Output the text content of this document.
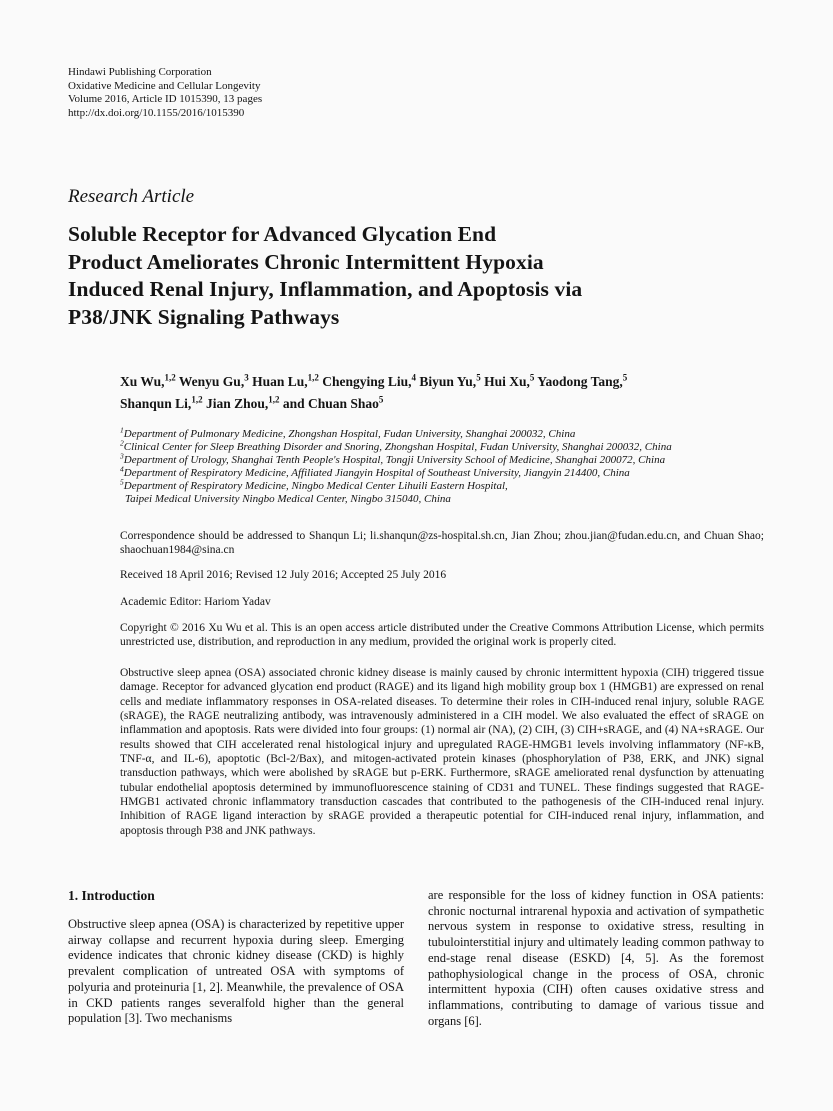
Hindawi Publishing Corporation
Oxidative Medicine and Cellular Longevity
Volume 2016, Article ID 1015390, 13 pages
http://dx.doi.org/10.1155/2016/1015390
Research Article
Soluble Receptor for Advanced Glycation End
Product Ameliorates Chronic Intermittent Hypoxia
Induced Renal Injury, Inflammation, and Apoptosis via
P38/JNK Signaling Pathways
Xu Wu,$^{1,2}$ Wenyu Gu,$^3$ Huan Lu,$^{1,2}$ Chengying Liu,$^4$ Biyun Yu,$^5$ Hui Xu,$^5$ Yaodong Tang,$^5$ Shanqun Li,$^{1,2}$ Jian Zhou,$^{1,2}$ and Chuan Shao$^5$
$^1$Department of Pulmonary Medicine, Zhongshan Hospital, Fudan University, Shanghai 200032, China
$^2$Clinical Center for Sleep Breathing Disorder and Snoring, Zhongshan Hospital, Fudan University, Shanghai 200032, China
$^3$Department of Urology, Shanghai Tenth People's Hospital, Tongji University School of Medicine, Shanghai 200072, China
$^4$Department of Respiratory Medicine, Affiliated Jiangyin Hospital of Southeast University, Jiangyin 214400, China
$^5$Department of Respiratory Medicine, Ningbo Medical Center Lihuili Eastern Hospital,
Taipei Medical University Ningbo Medical Center, Ningbo 315040, China

Correspondence should be addressed to Shanqun Li; li.shanqun@zs-hospital.sh.cn, Jian Zhou; zhou.jian@fudan.edu.cn, and Chuan Shao; shaochuan1984@sina.cn

Received 18 April 2016; Revised 12 July 2016; Accepted 25 July 2016

Academic Editor: Hariom Yadav

Copyright © 2016 Xu Wu et al. This is an open access article distributed under the Creative Commons Attribution License, which permits unrestricted use, distribution, and reproduction in any medium, provided the original work is properly cited.

Obstructive sleep apnea (OSA) associated chronic kidney disease is mainly caused by chronic intermittent hypoxia (CIH) triggered tissue damage. Receptor for advanced glycation end product (RAGE) and its ligand high mobility group box 1 (HMGB1) are expressed on renal cells and mediate inflammatory responses in OSA-related diseases. To determine their roles in CIH-induced renal injury, soluble RAGE (sRAGE), the RAGE neutralizing antibody, was intravenously administered in a CIH model. We also evaluated the effect of sRAGE on inflammation and apoptosis. Rats were divided into four groups: (1) normal air (NA), (2) CIH, (3) CIH+sRAGE, and (4) NA+sRAGE. Our results showed that CIH accelerated renal histological injury and upregulated RAGE-HMGB1 levels involving inflammatory (NF-κB, TNF-α, and IL-6), apoptotic (Bcl-2/Bax), and mitogen-activated protein kinases (phosphorylation of P38, ERK, and JNK) signal transduction pathways, which were abolished by sRAGE but p-ERK. Furthermore, sRAGE ameliorated renal dysfunction by attenuating tubular endothelial apoptosis determined by immunofluorescence staining of CD31 and TUNEL. These findings suggested that RAGE-HMGB1 activated chronic inflammatory transduction cascades that contributed to the pathogenesis of the CIH-induced renal injury. Inhibition of RAGE ligand interaction by sRAGE provided a therapeutic potential for CIH-induced renal injury, inflammation, and apoptosis through P38 and JNK pathways.

1. Introduction

Obstructive sleep apnea (OSA) is characterized by repetitive upper airway collapse and recurrent hypoxia during sleep. Emerging evidence indicates that chronic kidney disease (CKD) is highly prevalent complication of untreated OSA with symptoms of polyuria and proteinuria [1, 2]. Meanwhile, the prevalence of OSA in CKD patients ranges severalfold higher than the general population [3]. Two mechanisms

are responsible for the loss of kidney function in OSA patients: chronic nocturnal intrarenal hypoxia and activation of sympathetic nervous system in response to oxidative stress, resulting in tubulointerstitial injury and ultimately leading common pathway to end-stage renal disease (ESKD) [4, 5]. As the foremost pathophysiological change in the process of OSA, chronic intermittent hypoxia (CIH) often causes oxidative stress and inflammations, contributing to damage of various tissue and organs [6].
